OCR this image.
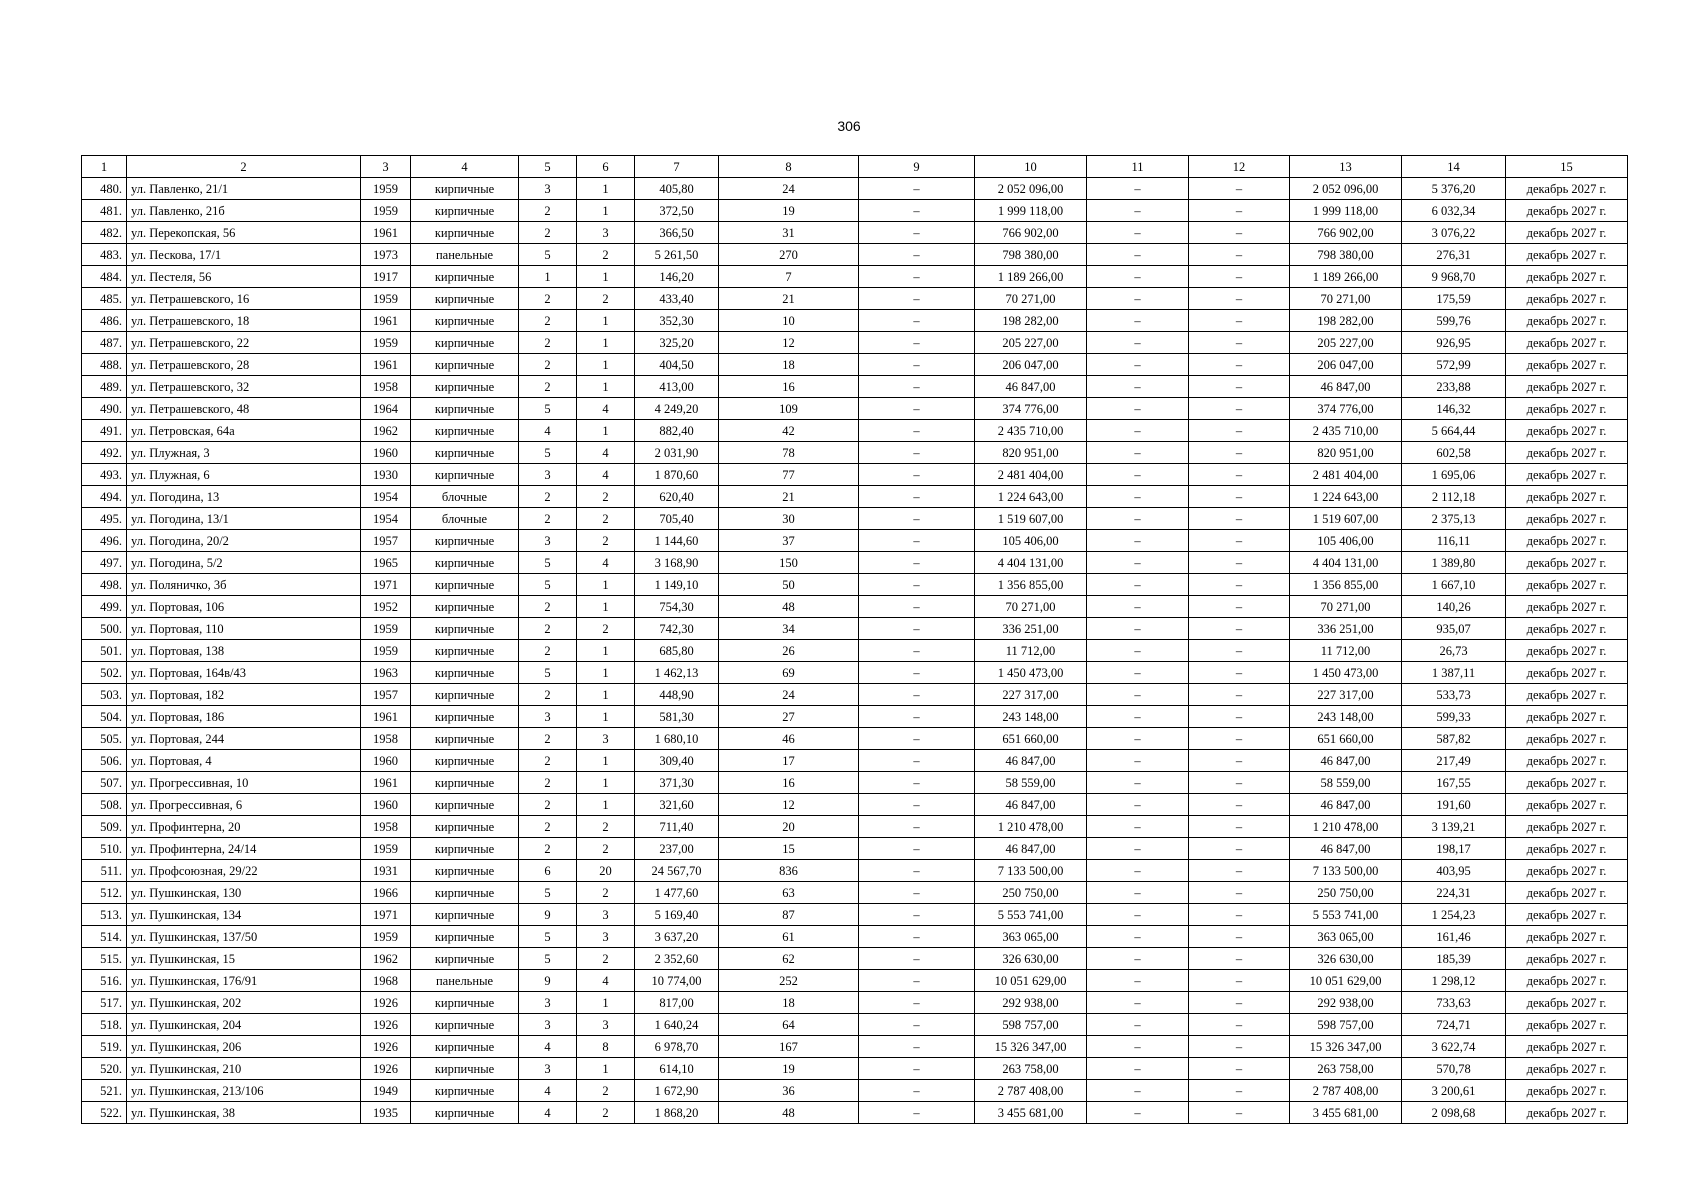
306
1	2	3	4	5	6	7	8	9	10	11	12	13	14	15
480.	ул. Павленко, 21/1	1959	кирпичные	3	1	405,80	24	–	2 052 096,00	–	–	2 052 096,00	5 376,20	декабрь 2027 г.
481.	ул. Павленко, 21б	1959	кирпичные	2	1	372,50	19	–	1 999 118,00	–	–	1 999 118,00	6 032,34	декабрь 2027 г.
482.	ул. Перекопская, 56	1961	кирпичные	2	3	366,50	31	–	766 902,00	–	–	766 902,00	3 076,22	декабрь 2027 г.
483.	ул. Пескова, 17/1	1973	панельные	5	2	5 261,50	270	–	798 380,00	–	–	798 380,00	276,31	декабрь 2027 г.
484.	ул. Пестеля, 56	1917	кирпичные	1	1	146,20	7	–	1 189 266,00	–	–	1 189 266,00	9 968,70	декабрь 2027 г.
485.	ул. Петрашевского, 16	1959	кирпичные	2	2	433,40	21	–	70 271,00	–	–	70 271,00	175,59	декабрь 2027 г.
486.	ул. Петрашевского, 18	1961	кирпичные	2	1	352,30	10	–	198 282,00	–	–	198 282,00	599,76	декабрь 2027 г.
487.	ул. Петрашевского, 22	1959	кирпичные	2	1	325,20	12	–	205 227,00	–	–	205 227,00	926,95	декабрь 2027 г.
488.	ул. Петрашевского, 28	1961	кирпичные	2	1	404,50	18	–	206 047,00	–	–	206 047,00	572,99	декабрь 2027 г.
489.	ул. Петрашевского, 32	1958	кирпичные	2	1	413,00	16	–	46 847,00	–	–	46 847,00	233,88	декабрь 2027 г.
490.	ул. Петрашевского, 48	1964	кирпичные	5	4	4 249,20	109	–	374 776,00	–	–	374 776,00	146,32	декабрь 2027 г.
491.	ул. Петровская, 64а	1962	кирпичные	4	1	882,40	42	–	2 435 710,00	–	–	2 435 710,00	5 664,44	декабрь 2027 г.
492.	ул. Плужная, 3	1960	кирпичные	5	4	2 031,90	78	–	820 951,00	–	–	820 951,00	602,58	декабрь 2027 г.
493.	ул. Плужная, 6	1930	кирпичные	3	4	1 870,60	77	–	2 481 404,00	–	–	2 481 404,00	1 695,06	декабрь 2027 г.
494.	ул. Погодина, 13	1954	блочные	2	2	620,40	21	–	1 224 643,00	–	–	1 224 643,00	2 112,18	декабрь 2027 г.
495.	ул. Погодина, 13/1	1954	блочные	2	2	705,40	30	–	1 519 607,00	–	–	1 519 607,00	2 375,13	декабрь 2027 г.
496.	ул. Погодина, 20/2	1957	кирпичные	3	2	1 144,60	37	–	105 406,00	–	–	105 406,00	116,11	декабрь 2027 г.
497.	ул. Погодина, 5/2	1965	кирпичные	5	4	3 168,90	150	–	4 404 131,00	–	–	4 404 131,00	1 389,80	декабрь 2027 г.
498.	ул. Поляничко, 3б	1971	кирпичные	5	1	1 149,10	50	–	1 356 855,00	–	–	1 356 855,00	1 667,10	декабрь 2027 г.
499.	ул. Портовая, 106	1952	кирпичные	2	1	754,30	48	–	70 271,00	–	–	70 271,00	140,26	декабрь 2027 г.
500.	ул. Портовая, 110	1959	кирпичные	2	2	742,30	34	–	336 251,00	–	–	336 251,00	935,07	декабрь 2027 г.
501.	ул. Портовая, 138	1959	кирпичные	2	1	685,80	26	–	11 712,00	–	–	11 712,00	26,73	декабрь 2027 г.
502.	ул. Портовая, 164в/43	1963	кирпичные	5	1	1 462,13	69	–	1 450 473,00	–	–	1 450 473,00	1 387,11	декабрь 2027 г.
503.	ул. Портовая, 182	1957	кирпичные	2	1	448,90	24	–	227 317,00	–	–	227 317,00	533,73	декабрь 2027 г.
504.	ул. Портовая, 186	1961	кирпичные	3	1	581,30	27	–	243 148,00	–	–	243 148,00	599,33	декабрь 2027 г.
505.	ул. Портовая, 244	1958	кирпичные	2	3	1 680,10	46	–	651 660,00	–	–	651 660,00	587,82	декабрь 2027 г.
506.	ул. Портовая, 4	1960	кирпичные	2	1	309,40	17	–	46 847,00	–	–	46 847,00	217,49	декабрь 2027 г.
507.	ул. Прогрессивная, 10	1961	кирпичные	2	1	371,30	16	–	58 559,00	–	–	58 559,00	167,55	декабрь 2027 г.
508.	ул. Прогрессивная, 6	1960	кирпичные	2	1	321,60	12	–	46 847,00	–	–	46 847,00	191,60	декабрь 2027 г.
509.	ул. Профинтерна, 20	1958	кирпичные	2	2	711,40	20	–	1 210 478,00	–	–	1 210 478,00	3 139,21	декабрь 2027 г.
510.	ул. Профинтерна, 24/14	1959	кирпичные	2	2	237,00	15	–	46 847,00	–	–	46 847,00	198,17	декабрь 2027 г.
511.	ул. Профсоюзная, 29/22	1931	кирпичные	6	20	24 567,70	836	–	7 133 500,00	–	–	7 133 500,00	403,95	декабрь 2027 г.
512.	ул. Пушкинская, 130	1966	кирпичные	5	2	1 477,60	63	–	250 750,00	–	–	250 750,00	224,31	декабрь 2027 г.
513.	ул. Пушкинская, 134	1971	кирпичные	9	3	5 169,40	87	–	5 553 741,00	–	–	5 553 741,00	1 254,23	декабрь 2027 г.
514.	ул. Пушкинская, 137/50	1959	кирпичные	5	3	3 637,20	61	–	363 065,00	–	–	363 065,00	161,46	декабрь 2027 г.
515.	ул. Пушкинская, 15	1962	кирпичные	5	2	2 352,60	62	–	326 630,00	–	–	326 630,00	185,39	декабрь 2027 г.
516.	ул. Пушкинская, 176/91	1968	панельные	9	4	10 774,00	252	–	10 051 629,00	–	–	10 051 629,00	1 298,12	декабрь 2027 г.
517.	ул. Пушкинская, 202	1926	кирпичные	3	1	817,00	18	–	292 938,00	–	–	292 938,00	733,63	декабрь 2027 г.
518.	ул. Пушкинская, 204	1926	кирпичные	3	3	1 640,24	64	–	598 757,00	–	–	598 757,00	724,71	декабрь 2027 г.
519.	ул. Пушкинская, 206	1926	кирпичные	4	8	6 978,70	167	–	15 326 347,00	–	–	15 326 347,00	3 622,74	декабрь 2027 г.
520.	ул. Пушкинская, 210	1926	кирпичные	3	1	614,10	19	–	263 758,00	–	–	263 758,00	570,78	декабрь 2027 г.
521.	ул. Пушкинская, 213/106	1949	кирпичные	4	2	1 672,90	36	–	2 787 408,00	–	–	2 787 408,00	3 200,61	декабрь 2027 г.
522.	ул. Пушкинская, 38	1935	кирпичные	4	2	1 868,20	48	–	3 455 681,00	–	–	3 455 681,00	2 098,68	декабрь 2027 г.
